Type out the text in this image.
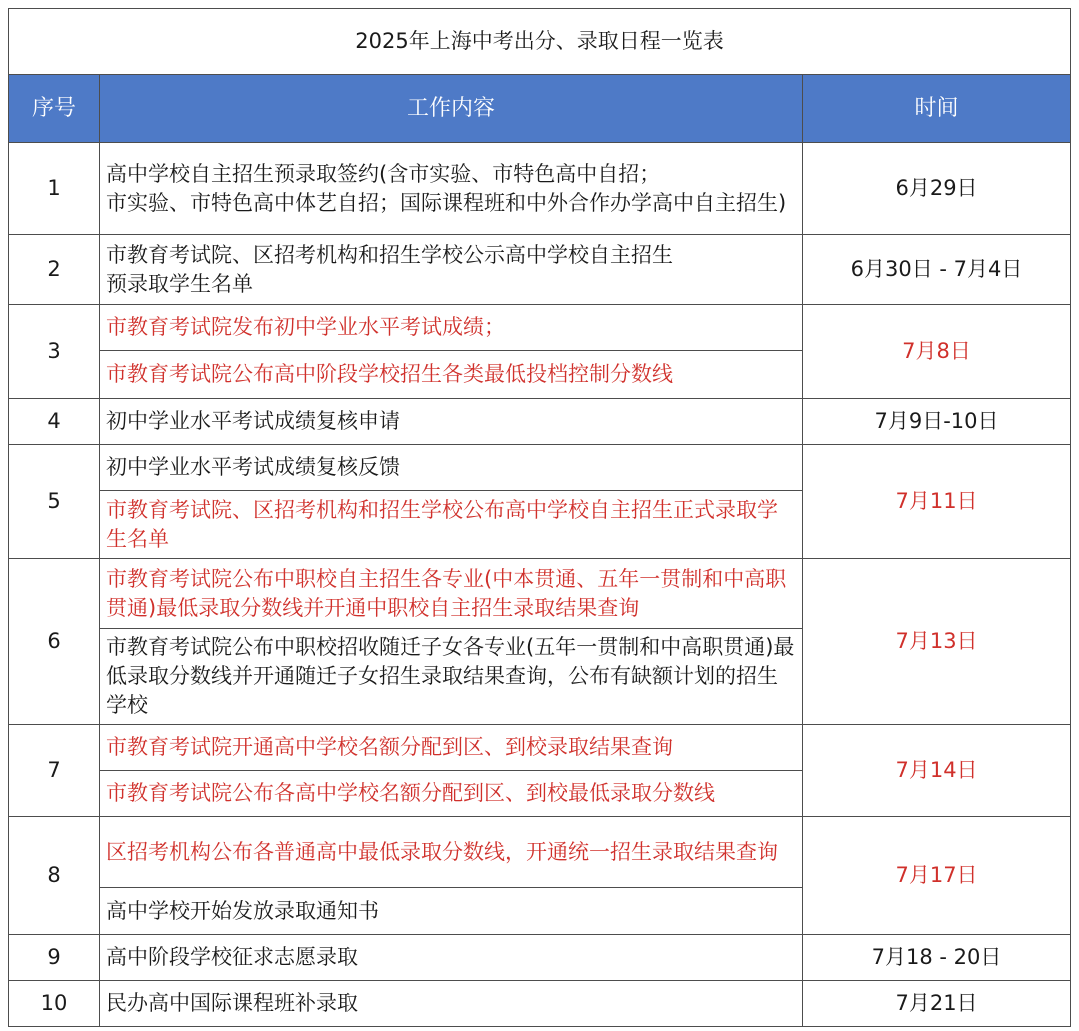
2025年上海中考出分、录取日程一览表		
序号	工作内容	时间
1	高中学校自主招生预录取签约(含市实验、市特色高中自招；
市实验、市特色高中体艺自招；国际课程班和中外合作办学高中自主招生)	6月29日
2	市教育考试院、区招考机构和招生学校公示高中学校自主招生
预录取学生名单	6月30日 - 7月4日
3	市教育考试院发布初中学业水平考试成绩；	7月8日
	市教育考试院公布高中阶段学校招生各类最低投档控制分数线	
4	初中学业水平考试成绩复核申请	7月9日-10日
5	初中学业水平考试成绩复核反馈	7月11日
	市教育考试院、区招考机构和招生学校公布高中学校自主招生正式录取学生名单	
6	市教育考试院公布中职校自主招生各专业(中本贯通、五年一贯制和中高职贯通)最低录取分数线并开通中职校自主招生录取结果查询	7月13日
	市教育考试院公布中职校招收随迁子女各专业(五年一贯制和中高职贯通)最低录取分数线并开通随迁子女招生录取结果查询，公布有缺额计划的招生学校	
7	市教育考试院开通高中学校名额分配到区、到校录取结果查询	7月14日
	市教育考试院公布各高中学校名额分配到区、到校最低录取分数线	
8	区招考机构公布各普通高中最低录取分数线，开通统一招生录取结果查询	7月17日
	高中学校开始发放录取通知书	
9	高中阶段学校征求志愿录取	7月18 - 20日
10	民办高中国际课程班补录取	7月21日
